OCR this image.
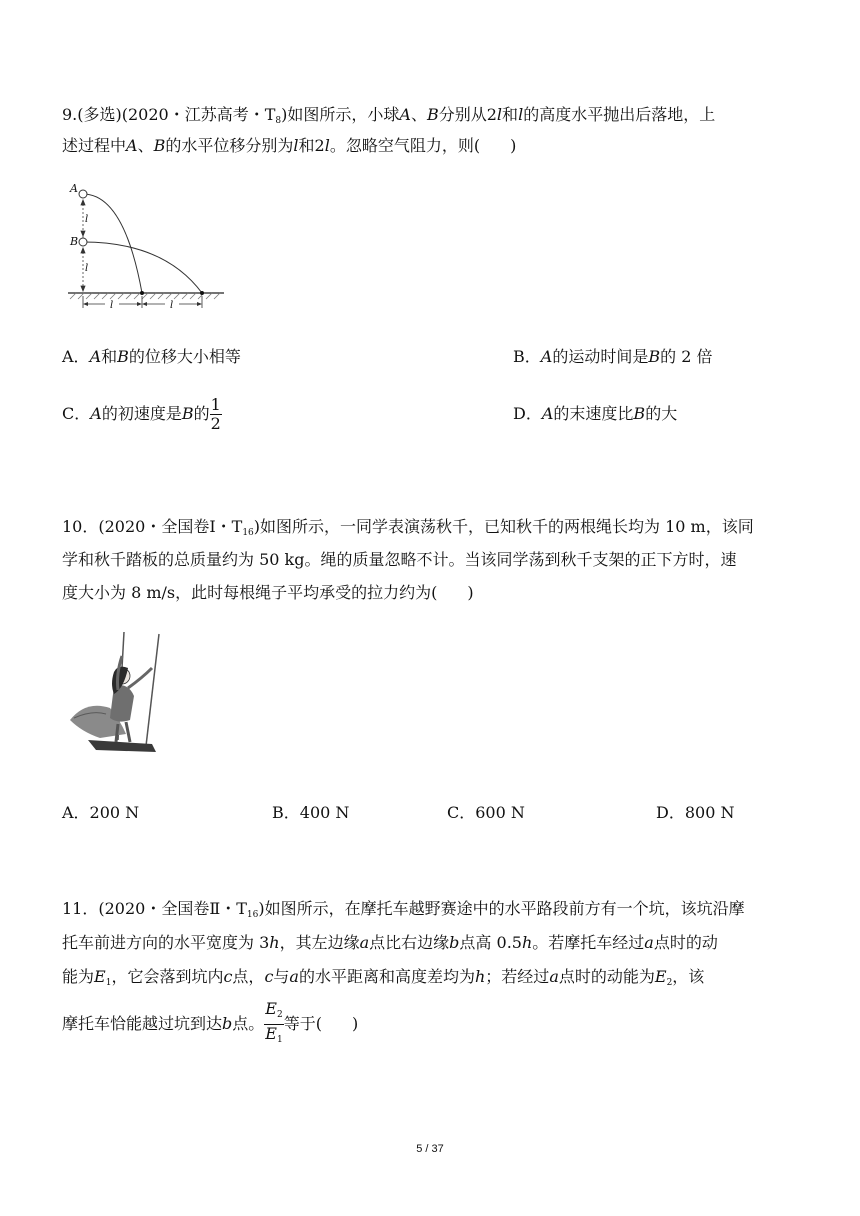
9.(多选)(2020・江苏高考・$T_8$)如图所示，小球A、B分别从2l和l的高度水平抛出后落地，上
述过程中A、B的水平位移分别为l和2l。忽略空气阻力，则( )
A
B
l
l
l	l
A．A和B的位移大小相等	B．A的运动时间是B的 2 倍
C．A的初速度是B的 $\frac{1}{2}$	D．A的末速度比B的大
10．(2020・全国卷Ⅰ・$T_{16}$)如图所示，一同学表演荡秋千，已知秋千的两根绳长均为 10 m，该同
学和秋千踏板的总质量约为 50 kg。绳的质量忽略不计。当该同学荡到秋千支架的正下方时，速
度大小为 8 m/s，此时每根绳子平均承受的拉力约为( )
A．200 N	B．400 N	C．600 N	D．800 N
11．(2020・全国卷Ⅱ・$T_{16}$)如图所示，在摩托车越野赛途中的水平路段前方有一个坑，该坑沿摩
托车前进方向的水平宽度为 3h，其左边缘a点比右边缘b点高 0.5h。若摩托车经过a点时的动
能为$E_1$，它会落到坑内c点，c与a的水平距离和高度差均为h；若经过a点时的动能为$E_2$，该
摩托车恰能越过坑到达b点。 $\frac{E_2}{E_1}$ 等于( )
5 / 37
